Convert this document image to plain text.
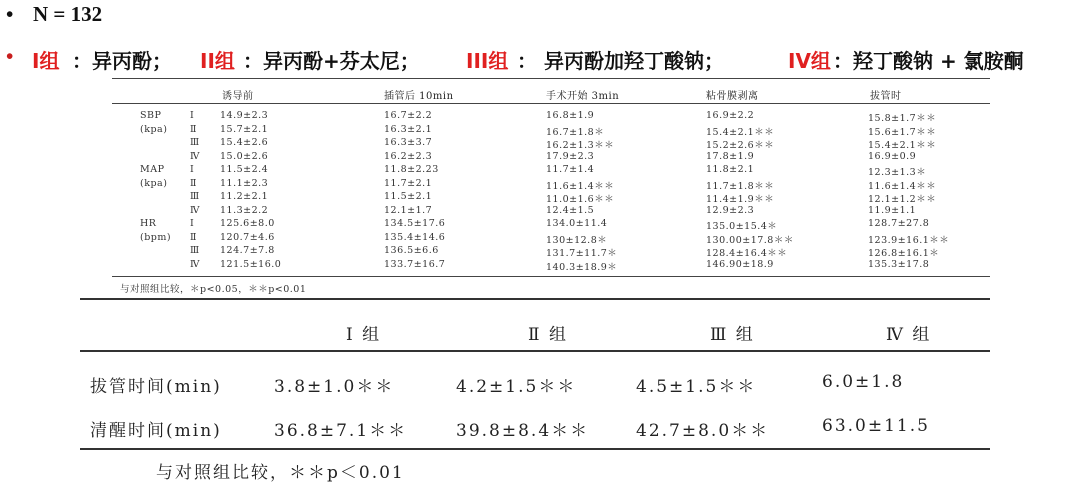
• N = 132
• I组 ：异丙酚； II组 ：异丙酚+芬太尼； III组 ： 异丙酚加羟丁酸钠；	IV组 ：羟丁酸钠 + 氯胺酮
诱导前	插管后 10min	手术开始 3min	粘骨膜剥离	拔管时
SBP	I	14.9±2.3	16.7±2.2	16.8±1.9	16.9±2.2	15.8±1.7＊＊
(kpa) Ⅱ 15.7±2.1	16.3±2.1	16.7±1.8＊	15.4±2.1＊＊	15.6±1.7＊＊
Ⅲ 15.4±2.6	16.3±3.7	16.2±1.3＊＊	15.2±2.6＊＊	15.4±2.1＊＊
Ⅳ 15.0±2.6	16.2±2.3	17.9±2.3	17.8±1.9	16.9±0.9
MAP	I	11.5±2.4	11.8±2.23	11.7±1.4	11.8±2.1	12.3±1.3＊
(kpa) Ⅱ 11.1±2.3	11.7±2.1	11.6±1.4＊＊	11.7±1.8＊＊	11.6±1.4＊＊
Ⅲ 11.2±2.1	11.5±2.1	11.0±1.6＊＊	11.4±1.9＊＊	12.1±1.2＊＊
Ⅳ 11.3±2.2	12.1±1.7	12.4±1.5	12.9±2.3	11.9±1.1
HR	I	125.6±8.0	134.5±17.6	134.0±11.4	135.0±15.4＊	128.7±27.8
(bpm) Ⅱ 120.7±4.6	135.4±14.6	130±12.8＊	130.00±17.8＊＊	123.9±16.1＊＊
Ⅲ 124.7±7.8	136.5±6.6	131.7±11.7＊	128.4±16.4＊＊	126.8±16.1＊
Ⅳ 121.5±16.0	133.7±16.7	140.3±18.9＊	146.90±18.9	135.3±17.8
与对照组比较，＊p<0.05，＊＊p<0.01
I 组	Ⅱ 组	Ⅲ 组	Ⅳ 组
拔管时间(min)	3.8±1.0＊＊	4.2±1.5＊＊	4.5±1.5＊＊	6.0±1.8
清醒时间(min)	36.8±7.1＊＊	39.8±8.4＊＊	42.7±8.0＊＊	63.0±11.5
与对照组比较，＊＊p＜0.01
